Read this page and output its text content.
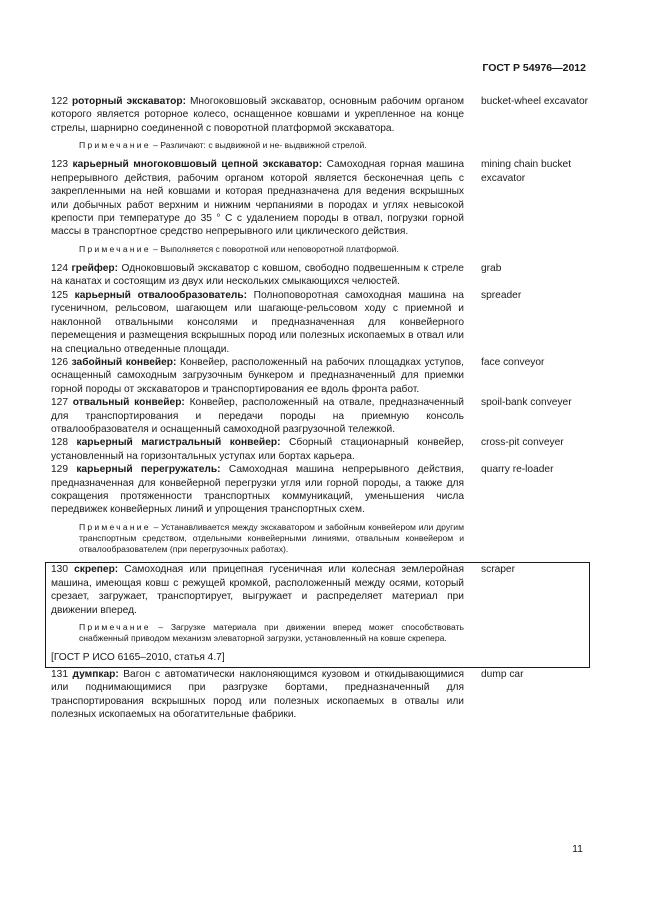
ГОСТ Р 54976—2012
122 роторный экскаватор: Многоковшовый экскаватор, основным рабочим органом которого является роторное колесо, оснащенное ковшами и укрепленное на конце стрелы, шарнирно соединенной с поворотной платформой экскаватора.
bucket-wheel excavator
Примечание – Различают: с выдвижной и не- выдвижной стрелой.
123 карьерный многоковшовый цепной экскаватор: Самоходная горная машина непрерывного действия, рабочим органом которой является бесконечная цепь с закрепленными на ней ковшами и которая предназначена для ведения вскрышных или добычных работ верхним и нижним черпаниями в породах и углях невысокой крепости при температуре до 35 ° С с удалением породы в отвал, погрузки горной массы в транспортное средство непрерывного или циклического действия.
mining chain bucket excavator
Примечание – Выполняется с поворотной или неповоротной платформой.
124 грейфер: Одноковшовый экскаватор с ковшом, свободно подвешенным к стреле на канатах и состоящим из двух или нескольких смыкающихся челюстей.
grab
125 карьерный отвалообразователь: Полноповоротная самоходная машина на гусеничном, рельсовом, шагающем или шагающе-рельсовом ходу с приемной и наклонной отвальными консолями и предназначенная для конвейерного перемещения и размещения вскрышных пород или полезных ископаемых в отвал или на специально отведенные площади.
spreader
126 забойный конвейер: Конвейер, расположенный на рабочих площадках уступов, оснащенный самоходным загрузочным бункером и предназначенный для приемки горной породы от экскаваторов и транспортирования ее вдоль фронта работ.
face conveyor
127 отвальный конвейер: Конвейер, расположенный на отвале, предназначенный для транспортирования и передачи породы на приемную консоль отвалообразователя и оснащенный самоходной разгрузочной тележкой.
spoil-bank conveyer
128 карьерный магистральный конвейер: Сборный стационарный конвейер, установленный на горизонтальных уступах или бортах карьера.
cross-pit conveyer
129 карьерный перегружатель: Самоходная машина непрерывного действия, предназначенная для конвейерной перегрузки угля или горной породы, а также для сокращения протяженности транспортных коммуникаций, уменьшения числа передвижек конвейерных линий и упрощения транспортных схем.
quarry re-loader
Примечание – Устанавливается между экскаватором и забойным конвейером или другим транспортным средством, отдельными конвейерными линиями, отвальным конвейером и отвалообразователем (при перегрузочных работах).
130 скрепер: Самоходная или прицепная гусеничная или колесная землеройная машина, имеющая ковш с режущей кромкой, расположенный между осями, который срезает, загружает, транспортирует, выгружает и распределяет материал при движении вперед.
scraper
Примечание – Загрузке материала при движении вперед может способствовать снабженный приводом механизм элеваторной загрузки, установленный на ковше скрепера.
[ГОСТ Р ИСО 6165–2010, статья 4.7]
131 думпкар: Вагон с автоматически наклоняющимся кузовом и откидывающимися или поднимающимися при разгрузке бортами, предназначенный для транспортирования вскрышных пород или полезных ископаемых в отвалы или полезных ископаемых на обогатительные фабрики.
dump car
11
